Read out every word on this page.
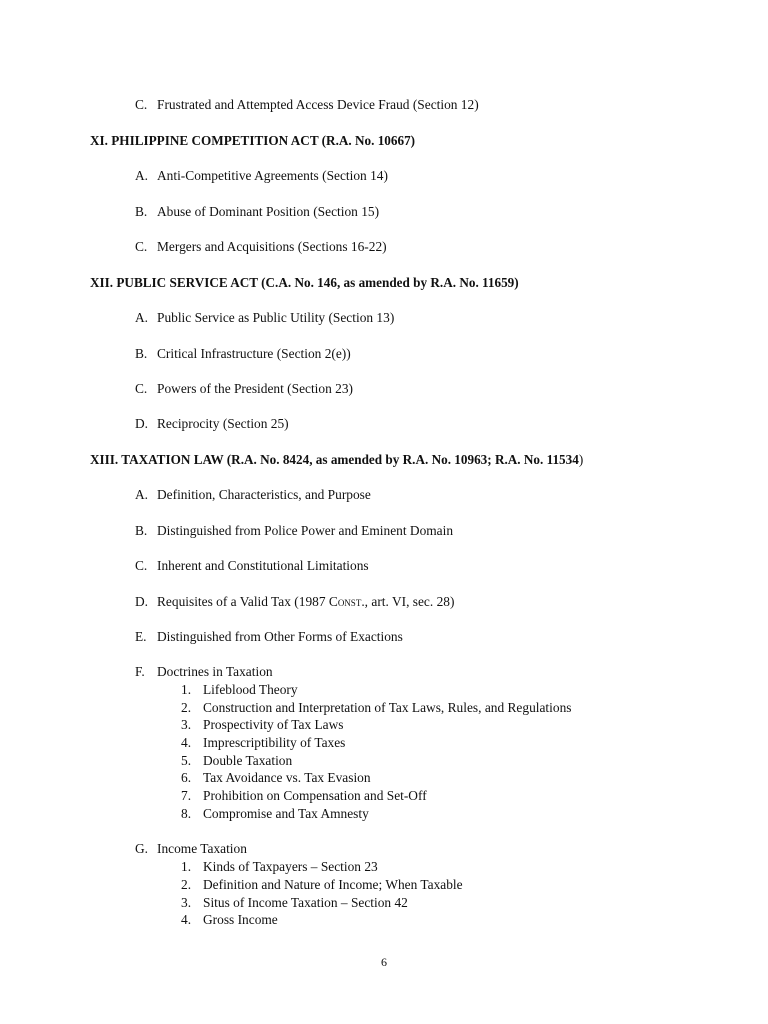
C. Frustrated and Attempted Access Device Fraud (Section 12)
XI. PHILIPPINE COMPETITION ACT (R.A. No. 10667)
A. Anti-Competitive Agreements (Section 14)
B. Abuse of Dominant Position (Section 15)
C. Mergers and Acquisitions (Sections 16-22)
XII. PUBLIC SERVICE ACT (C.A. No. 146, as amended by R.A. No. 11659)
A. Public Service as Public Utility (Section 13)
B. Critical Infrastructure (Section 2(e))
C. Powers of the President (Section 23)
D. Reciprocity (Section 25)
XIII. TAXATION LAW (R.A. No. 8424, as amended by R.A. No. 10963; R.A. No. 11534)
A. Definition, Characteristics, and Purpose
B. Distinguished from Police Power and Eminent Domain
C. Inherent and Constitutional Limitations
D. Requisites of a Valid Tax (1987 Const., art. VI, sec. 28)
E. Distinguished from Other Forms of Exactions
F. Doctrines in Taxation
1. Lifeblood Theory
2. Construction and Interpretation of Tax Laws, Rules, and Regulations
3. Prospectivity of Tax Laws
4. Imprescriptibility of Taxes
5. Double Taxation
6. Tax Avoidance vs. Tax Evasion
7. Prohibition on Compensation and Set-Off
8. Compromise and Tax Amnesty
G. Income Taxation
1. Kinds of Taxpayers – Section 23
2. Definition and Nature of Income; When Taxable
3. Situs of Income Taxation – Section 42
4. Gross Income
6
